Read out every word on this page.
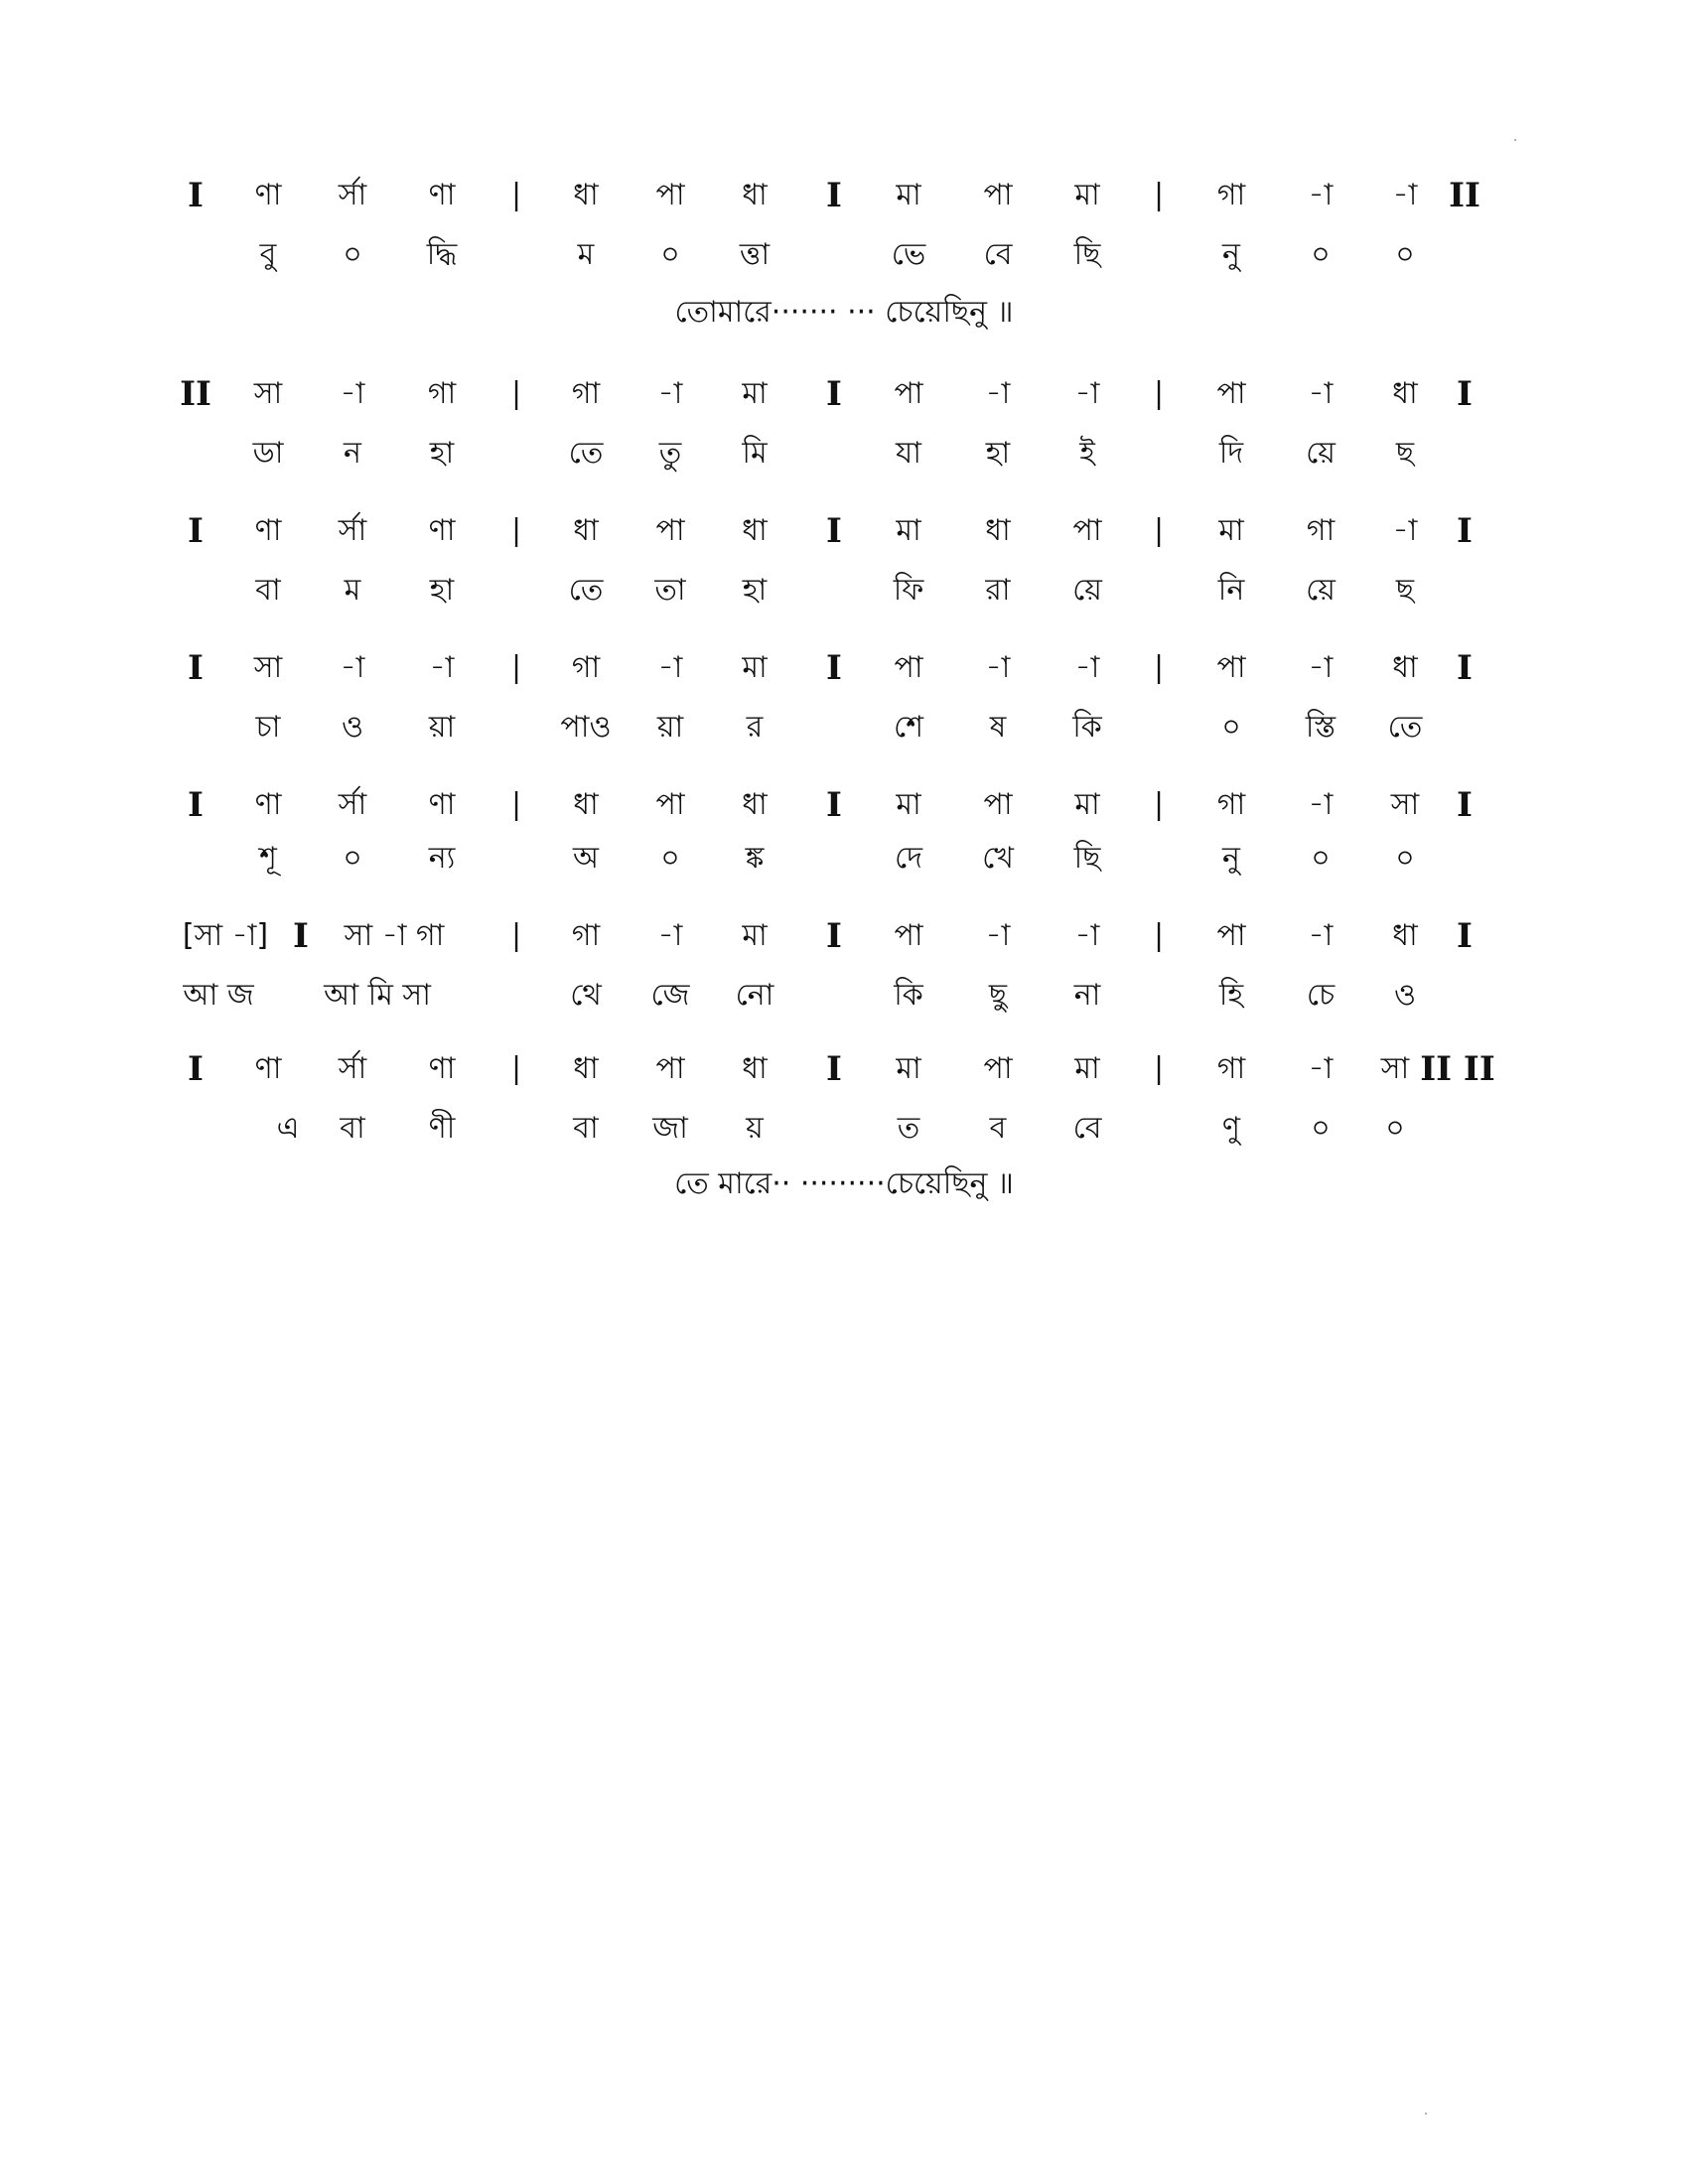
I ণা র্সা ণা | ধা পা ধা I মা পা মা | গা -া -া II
বু ০ দ্ধি	ম ০ ত্তা	ভে বে ছি	নু ০ ০
তোমারে······· ··· চেয়েছিনু ॥
II সা -া গা | গা -া মা I পা -া -া | পা -া ধা I
ডা ন হা	তে তু মি	যা হা ই	দি য়ে ছ
I ণা র্সা ণা | ধা পা ধা I মা ধা পা | মা গা -া I
বা ম হা	তে তা হা	ফি রা য়ে	নি য়ে ছ
I সা -া -া | গা -া মা I পা -া -া | পা -া ধা I
চা ও য়া	পাও য়া র	শে ষ কি	০ স্তি তে
I ণা র্সা ণা | ধা পা ধা I মা পা মা | গা -া সা I
শূ ০ ন্য	অ ০ ঙ্ক	দে খে ছি	নু ০ ০
[সা -া] I সা -া গা | গা -া মা I পা -া -া | পা -া ধা I
আ জ আ মি সা	থে জে নো	কি ছু না	হি চে ও
I ণা র্সা ণা | ধা পা ধা I মা পা মা | গা -া সা II II
এ বা ণী	বা জা য়	ত ব বে	ণু ০ ০
তে মারে·· ·········চেয়েছিনু ॥
